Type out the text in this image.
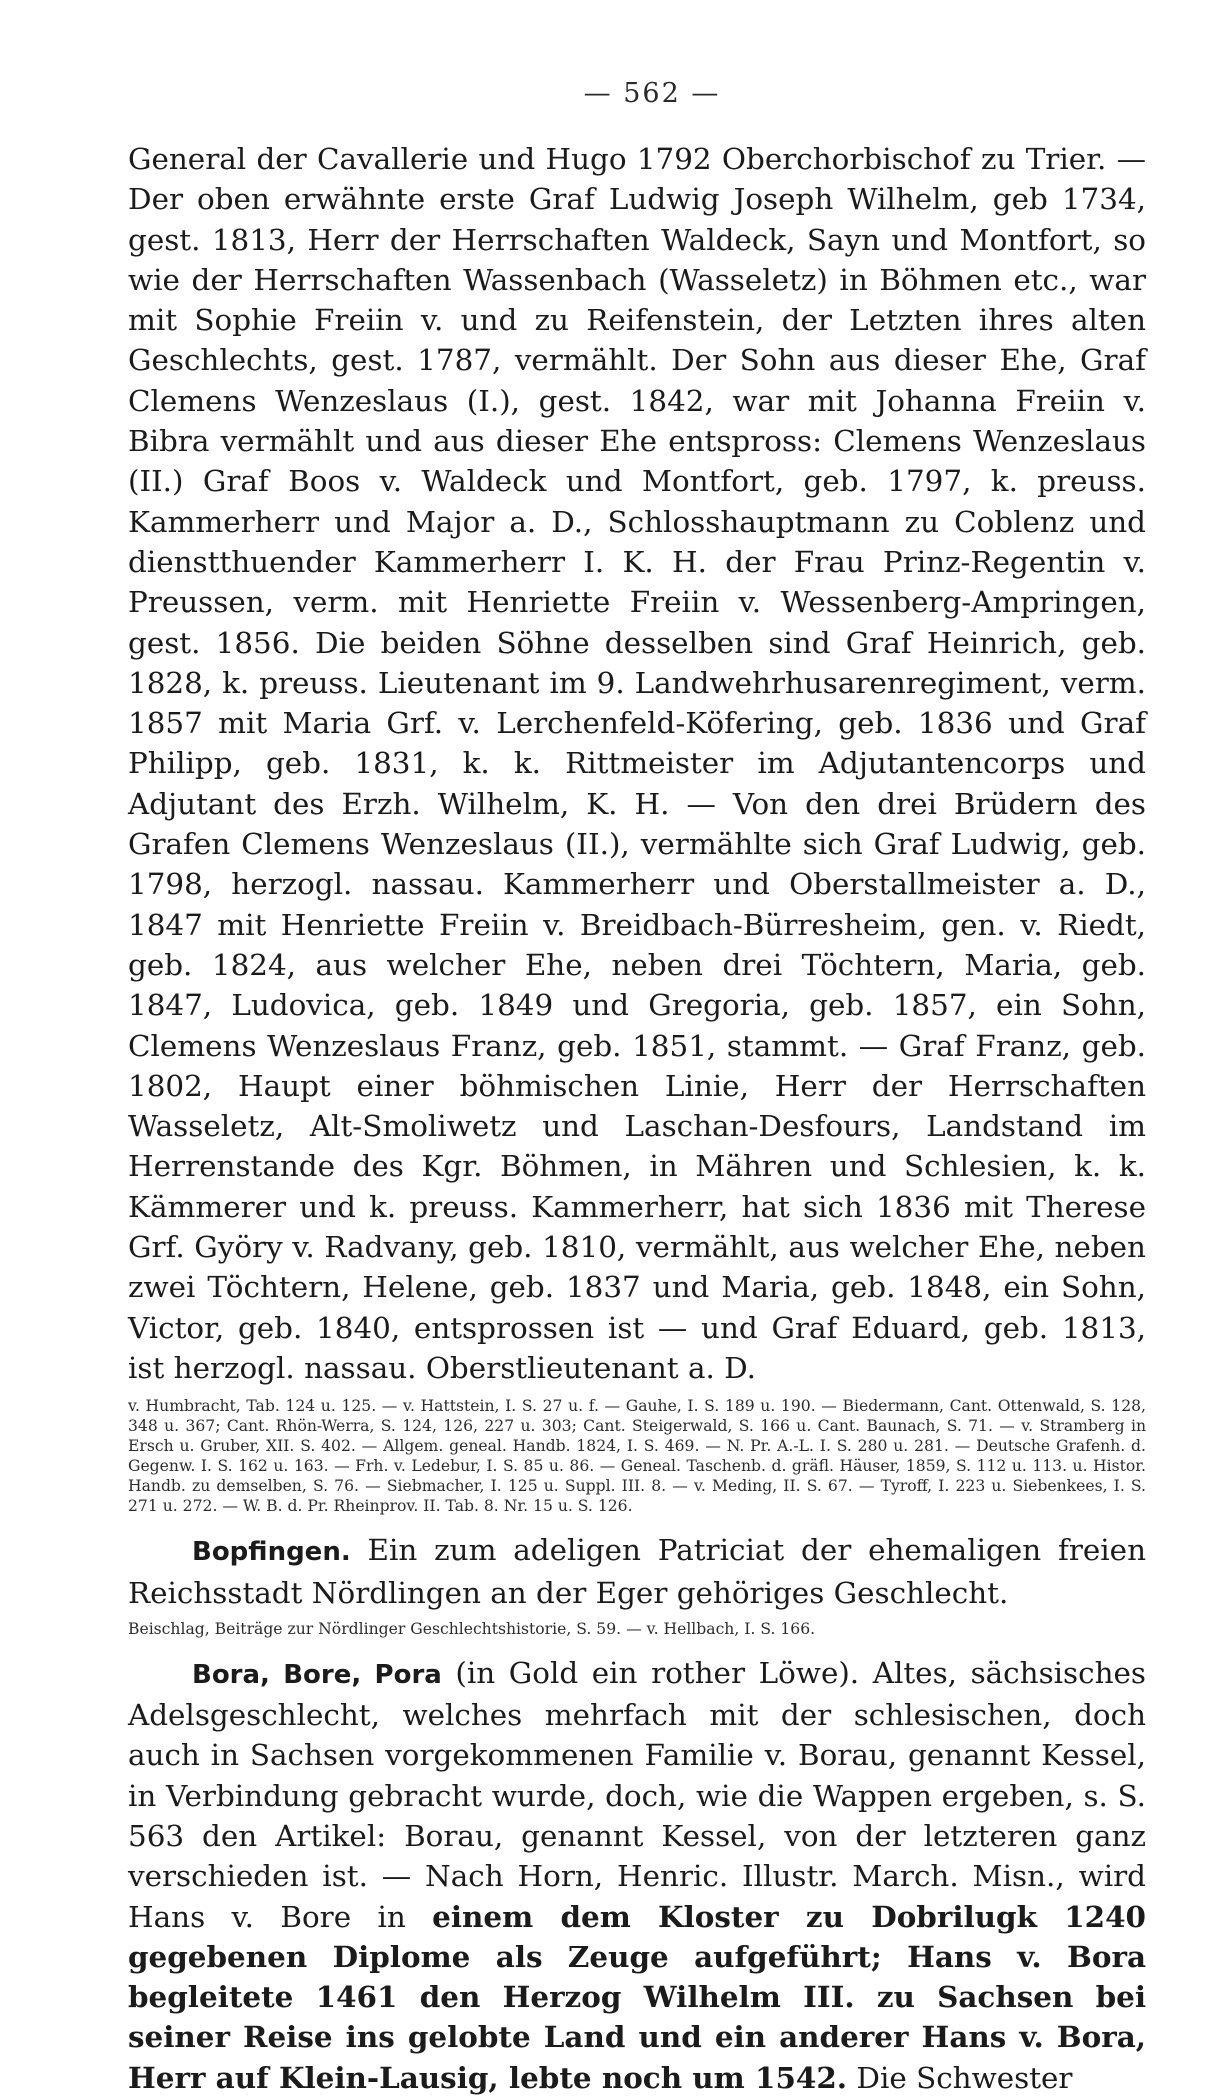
— 562 —

General der Cavallerie und Hugo 1792 Oberchorbischof zu Trier. — Der oben erwähnte erste Graf Ludwig Joseph Wilhelm, geb 1734, gest. 1813, Herr der Herrschaften Waldeck, Sayn und Montfort, so wie der Herrschaften Wassenbach (Wasseletz) in Böhmen etc., war mit Sophie Freiin v. und zu Reifenstein, der Letzten ihres alten Geschlechts, gest. 1787, vermählt. Der Sohn aus dieser Ehe, Graf Clemens Wenzeslaus (I.), gest. 1842, war mit Johanna Freiin v. Bibra vermählt und aus dieser Ehe entspross: Clemens Wenzeslaus (II.) Graf Boos v. Waldeck und Montfort, geb. 1797, k. preuss. Kammerherr und Major a. D., Schlosshauptmann zu Coblenz und dienstthuender Kammerherr I. K. H. der Frau Prinz-Regentin v. Preussen, verm. mit Henriette Freiin v. Wessenberg-Ampringen, gest. 1856. Die beiden Söhne desselben sind Graf Heinrich, geb. 1828, k. preuss. Lieutenant im 9. Landwehrhusarenregiment, verm. 1857 mit Maria Grf. v. Lerchenfeld-Köfering, geb. 1836 und Graf Philipp, geb. 1831, k. k. Rittmeister im Adjutantencorps und Adjutant des Erzh. Wilhelm, K. H. — Von den drei Brüdern des Grafen Clemens Wenzeslaus (II.), vermählte sich Graf Ludwig, geb. 1798, herzogl. nassau. Kammerherr und Oberstallmeister a. D., 1847 mit Henriette Freiin v. Breidbach-Bürresheim, gen. v. Riedt, geb. 1824, aus welcher Ehe, neben drei Töchtern, Maria, geb. 1847, Ludovica, geb. 1849 und Gregoria, geb. 1857, ein Sohn, Clemens Wenzeslaus Franz, geb. 1851, stammt. — Graf Franz, geb. 1802, Haupt einer böhmischen Linie, Herr der Herrschaften Wasseletz, Alt-Smoliwetz und Laschan-Desfours, Landstand im Herrenstande des Kgr. Böhmen, in Mähren und Schlesien, k. k. Kämmerer und k. preuss. Kammerherr, hat sich 1836 mit Therese Grf. Györy v. Radvany, geb. 1810, vermählt, aus welcher Ehe, neben zwei Töchtern, Helene, geb. 1837 und Maria, geb. 1848, ein Sohn, Victor, geb. 1840, entsprossen ist — und Graf Eduard, geb. 1813, ist herzogl. nassau. Oberstlieutenant a. D.

v. Humbracht, Tab. 124 u. 125. — v. Hattstein, I. S. 27 u. f. — Gauhe, I. S. 189 u. 190. — Biedermann, Cant. Ottenwald, S. 128, 348 u. 367; Cant. Rhön-Werra, S. 124, 126, 227 u. 303; Cant. Steigerwald, S. 166 u. Cant. Baunach, S. 71. — v. Stramberg in Ersch u. Gruber, XII. S. 402. — Allgem. geneal. Handb. 1824, I. S. 469. — N. Pr. A.-L. I. S. 280 u. 281. — Deutsche Grafenh. d. Gegenw. I. S. 162 u. 163. — Frh. v. Ledebur, I. S. 85 u. 86. — Geneal. Taschenb. d. gräfl. Häuser, 1859, S. 112 u. 113. u. Histor. Handb. zu demselben, S. 76. — Siebmacher, I. 125 u. Suppl. III. 8. — v. Meding, II. S. 67. — Tyroff, I. 223 u. Siebenkees, I. S. 271 u. 272. — W. B. d. Pr. Rheinprov. II. Tab. 8. Nr. 15 u. S. 126.

Bopfingen. Ein zum adeligen Patriciat der ehemaligen freien Reichsstadt Nördlingen an der Eger gehöriges Geschlecht.

Beischlag, Beiträge zur Nördlinger Geschlechtshistorie, S. 59. — v. Hellbach, I. S. 166.

Bora, Bore, Pora (in Gold ein rother Löwe). Altes, sächsisches Adelsgeschlecht, welches mehrfach mit der schlesischen, doch auch in Sachsen vorgekommenen Familie v. Borau, genannt Kessel, in Verbindung gebracht wurde, doch, wie die Wappen ergeben, s. S. 563 den Artikel: Borau, genannt Kessel, von der letzteren ganz verschieden ist. — Nach Horn, Henric. Illustr. March. Misn., wird Hans v. Bore in einem dem Kloster zu Dobrilugk 1240 gegebenen Diplome als Zeuge aufgeführt; Hans v. Bora begleitete 1461 den Herzog Wilhelm III. zu Sachsen bei seiner Reise ins gelobte Land und ein anderer Hans v. Bora, Herr auf Klein-Lausig, lebte noch um 1542. Die Schwester
